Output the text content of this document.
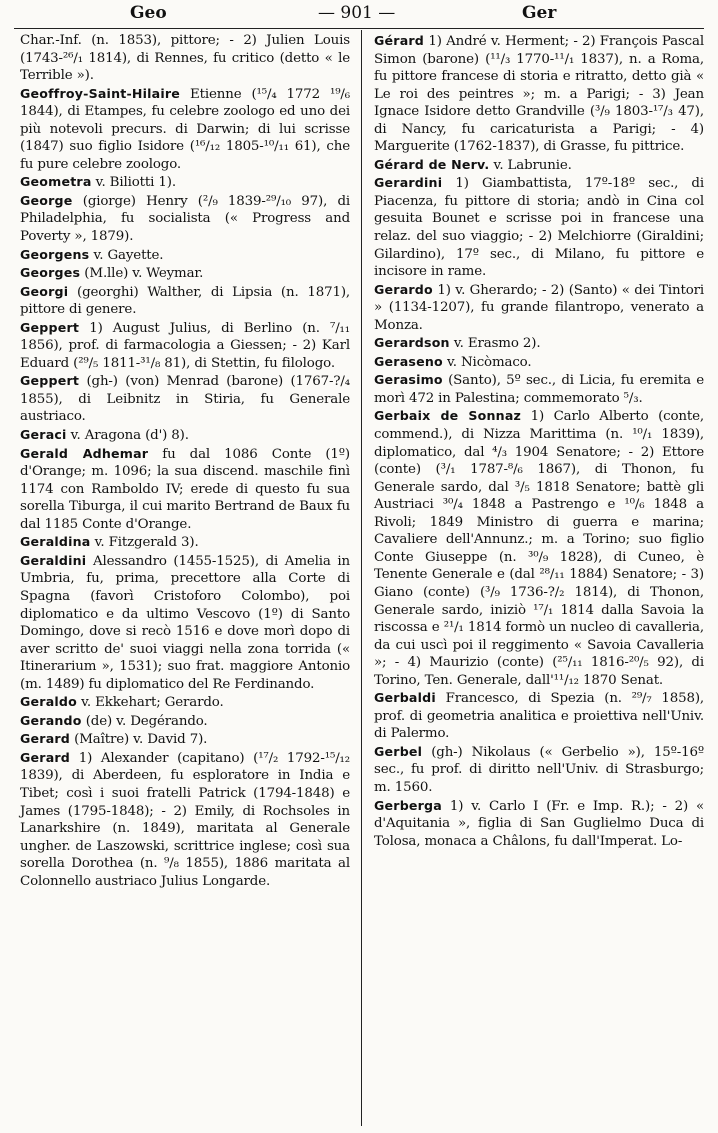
Geo	— 901 —	Ger

Char.-Inf. (n. 1853), pittore; - 2) Julien Louis (1743-²⁶/₁ 1814), di Rennes, fu critico (detto « le Terrible »).

Geoffroy-Saint-Hilaire Etienne (¹⁵/₄ 1772 ¹⁹/₆ 1844), di Etampes, fu celebre zoologo ed uno dei più notevoli precurs. di Darwin; di lui scrisse (1847) suo figlio Isidore (¹⁶/₁₂ 1805-¹⁰/₁₁ 61), che fu pure celebre zoologo.

Geometra v. Biliotti 1).

George (giorge) Henry (²/₉ 1839-²⁹/₁₀ 97), di Philadelphia, fu socialista (« Progress and Poverty », 1879).

Georgens v. Gayette.

Georges (M.lle) v. Weymar.

Georgi (georghi) Walther, di Lipsia (n. 1871), pittore di genere.

Geppert 1) August Julius, di Berlino (n. ⁷/₁₁ 1856), prof. di farmacologia a Giessen; - 2) Karl Eduard (²⁹/₅ 1811-³¹/₈ 81), di Stettin, fu filologo.

Geppert (gh-) (von) Menrad (barone) (1767-?/₄ 1855), di Leibnitz in Stiria, fu Generale austriaco.

Geraci v. Aragona (d') 8).

Gerald Adhemar fu dal 1086 Conte (1º) d'Orange; m. 1096; la sua discend. maschile finì 1174 con Ramboldo IV; erede di questo fu sua sorella Tiburga, il cui marito Bertrand de Baux fu dal 1185 Conte d'Orange.

Geraldina v. Fitzgerald 3).

Geraldini Alessandro (1455-1525), di Amelia in Umbria, fu, prima, precettore alla Corte di Spagna (favorì Cristoforo Colombo), poi diplomatico e da ultimo Vescovo (1º) di Santo Domingo, dove si recò 1516 e dove morì dopo di aver scritto de' suoi viaggi nella zona torrida (« Itinerarium », 1531); suo frat. maggiore Antonio (m. 1489) fu diplomatico del Re Ferdinando.

Geraldo v. Ekkehart; Gerardo.

Gerando (de) v. Degérando.

Gerard (Maître) v. David 7).

Gerard 1) Alexander (capitano) (¹⁷/₂ 1792-¹⁵/₁₂ 1839), di Aberdeen, fu esploratore in India e Tibet; così i suoi fratelli Patrick (1794-1848) e James (1795-1848); - 2) Emily, di Rochsoles in Lanarkshire (n. 1849), maritata al Generale ungher. de Laszowski, scrittrice inglese; così sua sorella Dorothea (n. ⁹/₈ 1855), 1886 maritata al Colonnello austriaco Julius Longarde.

Gérard 1) André v. Herment; - 2) François Pascal Simon (barone) (¹¹/₃ 1770-¹¹/₁ 1837), n. a Roma, fu pittore francese di storia e ritratto, detto già « Le roi des peintres »; m. a Parigi; - 3) Jean Ignace Isidore detto Grandville (³/₉ 1803-¹⁷/₃ 47), di Nancy, fu caricaturista a Parigi; - 4) Marguerite (1762-1837), di Grasse, fu pittrice.

Gérard de Nerv. v. Labrunie.

Gerardini 1) Giambattista, 17º-18º sec., di Piacenza, fu pittore di storia; andò in Cina col gesuita Bounet e scrisse poi in francese una relaz. del suo viaggio; - 2) Melchiorre (Giraldini; Gilardino), 17º sec., di Milano, fu pittore e incisore in rame.

Gerardo 1) v. Gherardo; - 2) (Santo) « dei Tintori » (1134-1207), fu grande filantropo, venerato a Monza.

Gerardson v. Erasmo 2).

Geraseno v. Nicòmaco.

Gerasimo (Santo), 5º sec., di Licia, fu eremita e morì 472 in Palestina; commemorato ⁵/₃.

Gerbaix de Sonnaz 1) Carlo Alberto (conte, commend.), di Nizza Marittima (n. ¹⁰/₁ 1839), diplomatico, dal ⁴/₃ 1904 Senatore; - 2) Ettore (conte) (³/₁ 1787-⁸/₆ 1867), di Thonon, fu Generale sardo, dal ³/₅ 1818 Senatore; battè gli Austriaci ³⁰/₄ 1848 a Pastrengo e ¹⁰/₆ 1848 a Rivoli; 1849 Ministro di guerra e marina; Cavaliere dell'Annunz.; m. a Torino; suo figlio Conte Giuseppe (n. ³⁰/₉ 1828), di Cuneo, è Tenente Generale e (dal ²⁸/₁₁ 1884) Senatore; - 3) Giano (conte) (³/₉ 1736-?/₂ 1814), di Thonon, Generale sardo, iniziò ¹⁷/₁ 1814 dalla Savoia la riscossa e ²¹/₁ 1814 formò un nucleo di cavalleria, da cui uscì poi il reggimento « Savoia Cavalleria »; - 4) Maurizio (conte) (²⁵/₁₁ 1816-²⁰/₅ 92), di Torino, Ten. Generale, dall'¹¹/₁₂ 1870 Senat.

Gerbaldi Francesco, di Spezia (n. ²⁹/₇ 1858), prof. di geometria analitica e proiettiva nell'Univ. di Palermo.

Gerbel (gh-) Nikolaus (« Gerbelio »), 15º-16º sec., fu prof. di diritto nell'Univ. di Strasburgo; m. 1560.

Gerberga 1) v. Carlo I (Fr. e Imp. R.); - 2) « d'Aquitania », figlia di San Guglielmo Duca di Tolosa, monaca a Châlons, fu dall'Imperat. Lo-
